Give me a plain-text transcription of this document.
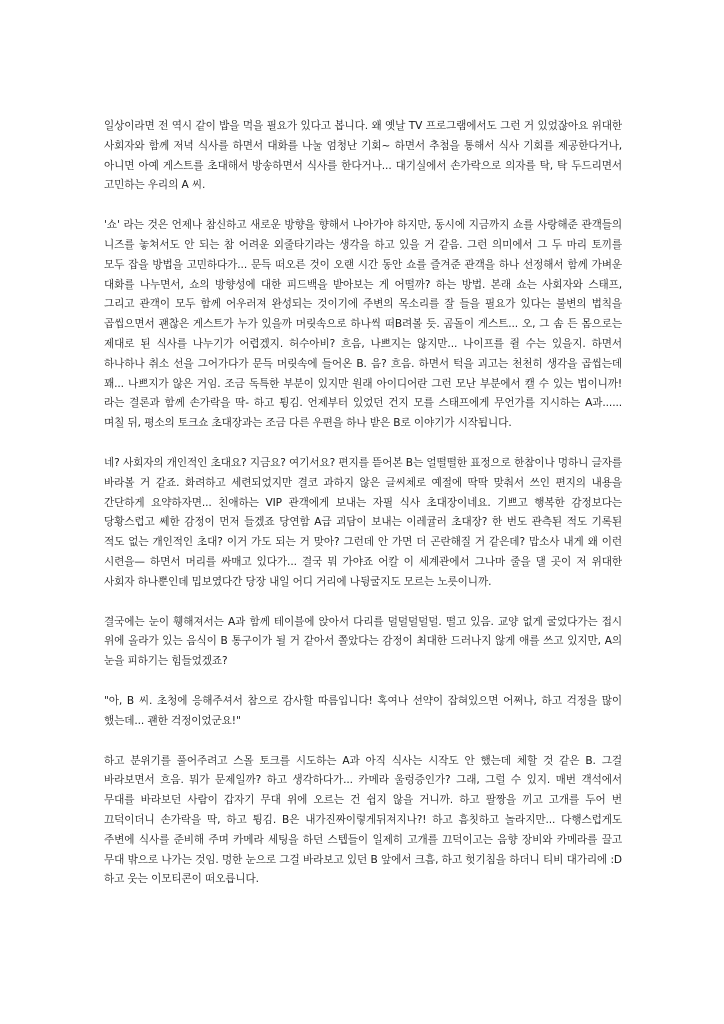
일상이라면 전 역시 같이 밥을 먹을 필요가 있다고 봅니다. 왜 옛날 TV 프로그램에서도 그런 거 있었잖아요 위대한 사회자와 함께 저녁 식사를 하면서 대화를 나눌 엄청난 기회~ 하면서 추첨을 통해서 식사 기회를 제공한다거나, 아니면 아예 게스트를 초대해서 방송하면서 식사를 한다거나... 대기실에서 손가락으로 의자를 탁, 탁 두드리면서 고민하는 우리의 A 씨.

'쇼' 라는 것은 언제나 참신하고 새로운 방향을 향해서 나아가야 하지만, 동시에 지금까지 쇼를 사랑해준 관객들의 니즈를 놓쳐서도 안 되는 참 어려운 외줄타기라는 생각을 하고 있을 거 같음. 그런 의미에서 그 두 마리 토끼를 모두 잡을 방법을 고민하다가... 문득 떠오른 것이 오랜 시간 동안 쇼를 즐겨준 관객을 하나 선정해서 함께 가벼운 대화를 나누면서, 쇼의 방향성에 대한 피드백을 받아보는 게 어떨까? 하는 방법. 본래 쇼는 사회자와 스태프, 그리고 관객이 모두 함께 어우러져 완성되는 것이기에 주변의 목소리를 잘 들을 필요가 있다는 불변의 법칙을 곱씹으면서 괜찮은 게스트가 누가 있을까 머릿속으로 하나씩 떠B려볼 듯. 곰돌이 게스트... 오, 그 솜 든 몸으로는 제대로 된 식사를 나누기가 어렵겠지. 허수아비? 흐음, 나쁘지는 않지만... 나이프를 쥘 수는 있을지. 하면서 하나하나 취소 선을 그어가다가 문득 머릿속에 들어온 B. 음? 흐음. 하면서 턱을 괴고는 천천히 생각을 곱씹는데 꽤... 나쁘지가 않은 거임. 조금 독특한 부분이 있지만 원래 아이디어란 그런 모난 부분에서 캘 수 있는 법이니까! 라는 결론과 함께 손가락을 딱- 하고 튕김. 언제부터 있었던 건지 모를 스태프에게 무언가를 지시하는 A과...... 며칠 뒤, 평소의 토크쇼 초대장과는 조금 다른 우편을 하나 받은 B로 이야기가 시작됩니다.

네? 사회자의 개인적인 초대요? 지금요? 여기서요? 편지를 뜯어본 B는 얼떨떨한 표정으로 한참이나 멍하니 글자를 바라볼 거 같죠. 화려하고 세련되었지만 결코 과하지 않은 글씨체로 예절에 딱딱 맞춰서 쓰인 편지의 내용을 간단하게 요약하자면... 친애하는 VIP 관객에게 보내는 자필 식사 초대장이네요. 기쁘고 행복한 감정보다는 당황스럽고 쎄한 감정이 먼저 들겠죠 당연함 A급 괴담이 보내는 이레귤러 초대장? 한 번도 관측된 적도 기록된 적도 없는 개인적인 초대? 이거 가도 되는 거 맞아? 그런데 안 가면 더 곤란해질 거 같은데? 맙소사 내게 왜 이런 시련을— 하면서 머리를 싸매고 있다가... 결국 뭐 가야죠 어칼 이 세계관에서 그나마 줄을 댈 곳이 저 위대한 사회자 하나뿐인데 밉보였다간 당장 내일 어디 거리에 나뒹굴지도 모르는 노릇이니까.

결국에는 눈이 휑해져서는 A과 함께 테이블에 앉아서 다리를 덜덜덜덜덜. 떨고 있음. 교양 없게 굴었다가는 접시 위에 올라가 있는 음식이 B 통구이가 될 거 같아서 쫄았다는 감정이 최대한 드러나지 않게 애를 쓰고 있지만, A의 눈을 피하기는 힘들었겠죠?

"아, B 씨. 초청에 응해주셔서 참으로 감사할 따름입니다! 혹여나 선약이 잡혀있으면 어쩌나, 하고 걱정을 많이 했는데... 괜한 걱정이었군요!"

하고 분위기를 풀어주려고 스몰 토크를 시도하는 A과 아직 식사는 시작도 안 했는데 체할 것 같은 B. 그걸 바라보면서 흐음. 뭐가 문제일까? 하고 생각하다가... 카메라 울렁증인가? 그래, 그럴 수 있지. 매번 객석에서 무대를 바라보던 사람이 갑자기 무대 위에 오르는 건 쉽지 않을 거니까. 하고 팔짱을 끼고 고개를 두어 번 끄덕이더니 손가락을 딱, 하고 튕김. B은 내가진짜이렇게뒤져지나?! 하고 흠칫하고 놀라지만... 다행스럽게도 주변에 식사를 준비해 주며 카메라 세팅을 하던 스텝들이 일제히 고개를 끄덕이고는 음향 장비와 카메라를 끌고 무대 밖으로 나가는 것임. 멍한 눈으로 그걸 바라보고 있던 B 앞에서 크흠, 하고 헛기침을 하더니 티비 대가리에 :D 하고 웃는 이모티콘이 떠오릅니다.
